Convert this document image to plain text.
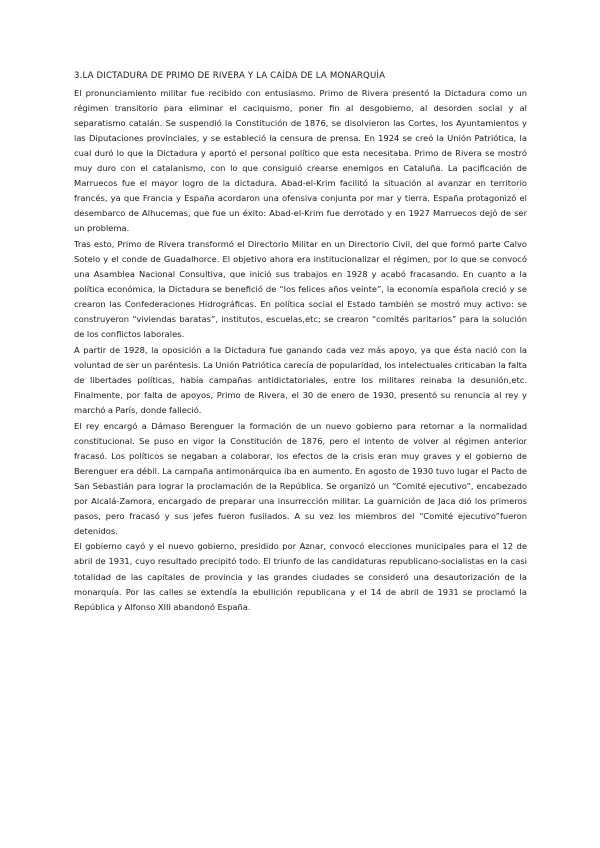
3.LA DICTADURA DE PRIMO DE RIVERA Y LA CAÍDA DE LA MONARQUÍA

El pronunciamiento militar fue recibido con entusiasmo. Primo de Rivera presentó la Dictadura como un régimen transitorio para eliminar el caciquismo, poner fin al desgobierno, al desorden social y al separatismo catalán. Se suspendió la Constitución de 1876, se disolvieron las Cortes, los Ayuntamientos y las Diputaciones provinciales, y se estableció la censura de prensa. En 1924 se creó la Unión Patriótica, la cual duró lo que la Dictadura y aportó el personal político que esta necesitaba. Primo de Rivera se mostró muy duro con el catalanismo, con lo que consiguió crearse enemigos en Cataluña. La pacificación de Marruecos fue el mayor logro de la dictadura. Abad-el-Krim facilitó la situación al avanzar en territorio francés, ya que Francia y España acordaron una ofensiva conjunta por mar y tierra. España protagonizó el desembarco de Alhucemas, que fue un éxito: Abad-el-Krim fue derrotado y en 1927 Marruecos dejó de ser un problema.

Tras esto, Primo de Rivera transformó el Directorio Militar en un Directorio Civil, del que formó parte Calvo Sotelo y el conde de Guadalhorce. El objetivo ahora era institucionalizar el régimen, por lo que se convocó una Asamblea Nacional Consultiva, que inició sus trabajos en 1928 y acabó fracasando. En cuanto a la política económica, la Dictadura se benefició de “los felices años veinte”, la economía española creció y se crearon las Confederaciones Hidrográficas. En política social el Estado también se mostró muy activo: se construyeron “viviendas baratas”, institutos, escuelas,etc; se crearon “comités paritarios” para la solución de los conflictos laborales.

A partir de 1928, la oposición a la Dictadura fue ganando cada vez más apoyo, ya que ésta nació con la voluntad de ser un paréntesis. La Unión Patriótica carecía de popularidad, los intelectuales criticaban la falta de libertades políticas, había campañas antidictatoriales, entre los militares reinaba la desunión,etc. Finalmente, por falta de apoyos, Primo de Rivera, el 30 de enero de 1930, presentó su renuncia al rey y marchó a París, donde falleció.

El rey encargó a Dámaso Berenguer la formación de un nuevo gobierno para retornar a la normalidad constitucional. Se puso en vigor la Constitución de 1876, pero el intento de volver al régimen anterior fracasó. Los políticos se negaban a colaborar, los efectos de la crisis eran muy graves y el gobierno de Berenguer era débil. La campaña antimonárquica iba en aumento. En agosto de 1930 tuvo lugar el Pacto de San Sebastián para lograr la proclamación de la República. Se organizó un “Comité ejecutivo”, encabezado por Alcalá-Zamora, encargado de preparar una insurrección militar. La guarnición de Jaca dió los primeros pasos, pero fracasó y sus jefes fueron fusilados. A su vez los miembros del “Comité ejecutivo”fueron detenidos.

El gobierno cayó y el nuevo gobierno, presidido por Aznar, convocó elecciones municipales para el 12 de abril de 1931, cuyo resultado precipitó todo. El triunfo de las candidaturas republicano-socialistas en la casi totalidad de las capitales de provincia y las grandes ciudades se consideró una desautorización de la monarquía. Por las calles se extendía la ebullición republicana y el 14 de abril de 1931 se proclamó la República y Alfonso XIII abandonó España.
